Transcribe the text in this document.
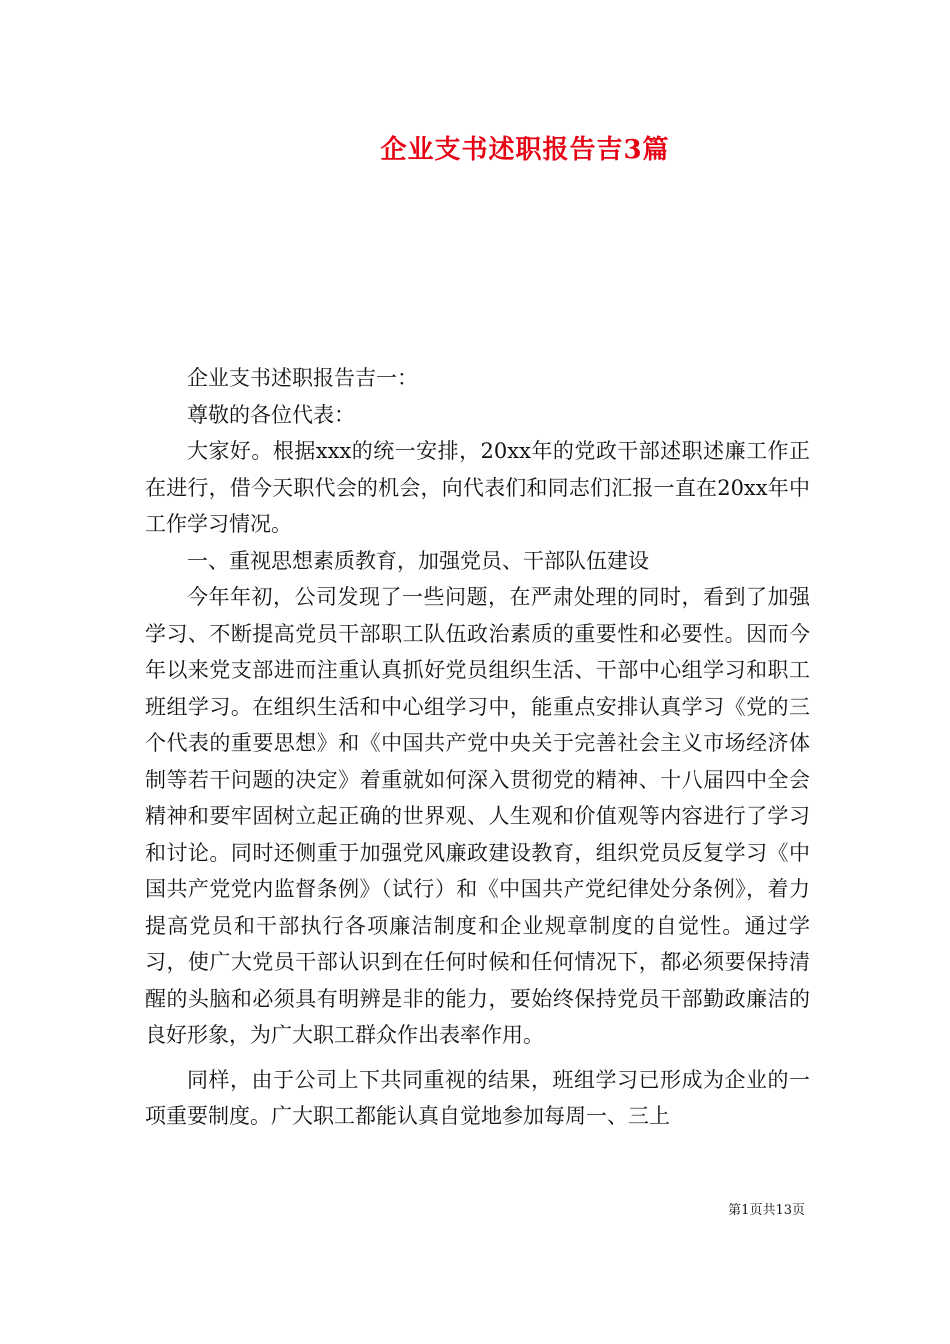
企业支书述职报告吉3篇

企业支书述职报告吉一：

尊敬的各位代表：

大家好。根据xxx的统一安排，20xx年的党政干部述职述廉工作正在进行，借今天职代会的机会，向代表们和同志们汇报一直在20xx年中工作学习情况。

一、重视思想素质教育，加强党员、干部队伍建设

今年年初，公司发现了一些问题，在严肃处理的同时，看到了加强学习、不断提高党员干部职工队伍政治素质的重要性和必要性。因而今年以来党支部进而注重认真抓好党员组织生活、干部中心组学习和职工班组学习。在组织生活和中心组学习中，能重点安排认真学习《党的三个代表的重要思想》和《中国共产党中央关于完善社会主义市场经济体制等若干问题的决定》着重就如何深入贯彻党的精神、十八届四中全会精神和要牢固树立起正确的世界观、人生观和价值观等内容进行了学习和讨论。同时还侧重于加强党风廉政建设教育，组织党员反复学习《中国共产党党内监督条例》（试行）和《中国共产党纪律处分条例》，着力提高党员和干部执行各项廉洁制度和企业规章制度的自觉性。通过学习，使广大党员干部认识到在任何时候和任何情况下，都必须要保持清醒的头脑和必须具有明辨是非的能力，要始终保持党员干部勤政廉洁的良好形象，为广大职工群众作出表率作用。

同样，由于公司上下共同重视的结果，班组学习已形成为企业的一项重要制度。广大职工都能认真自觉地参加每周一、三上

第1页共13页
